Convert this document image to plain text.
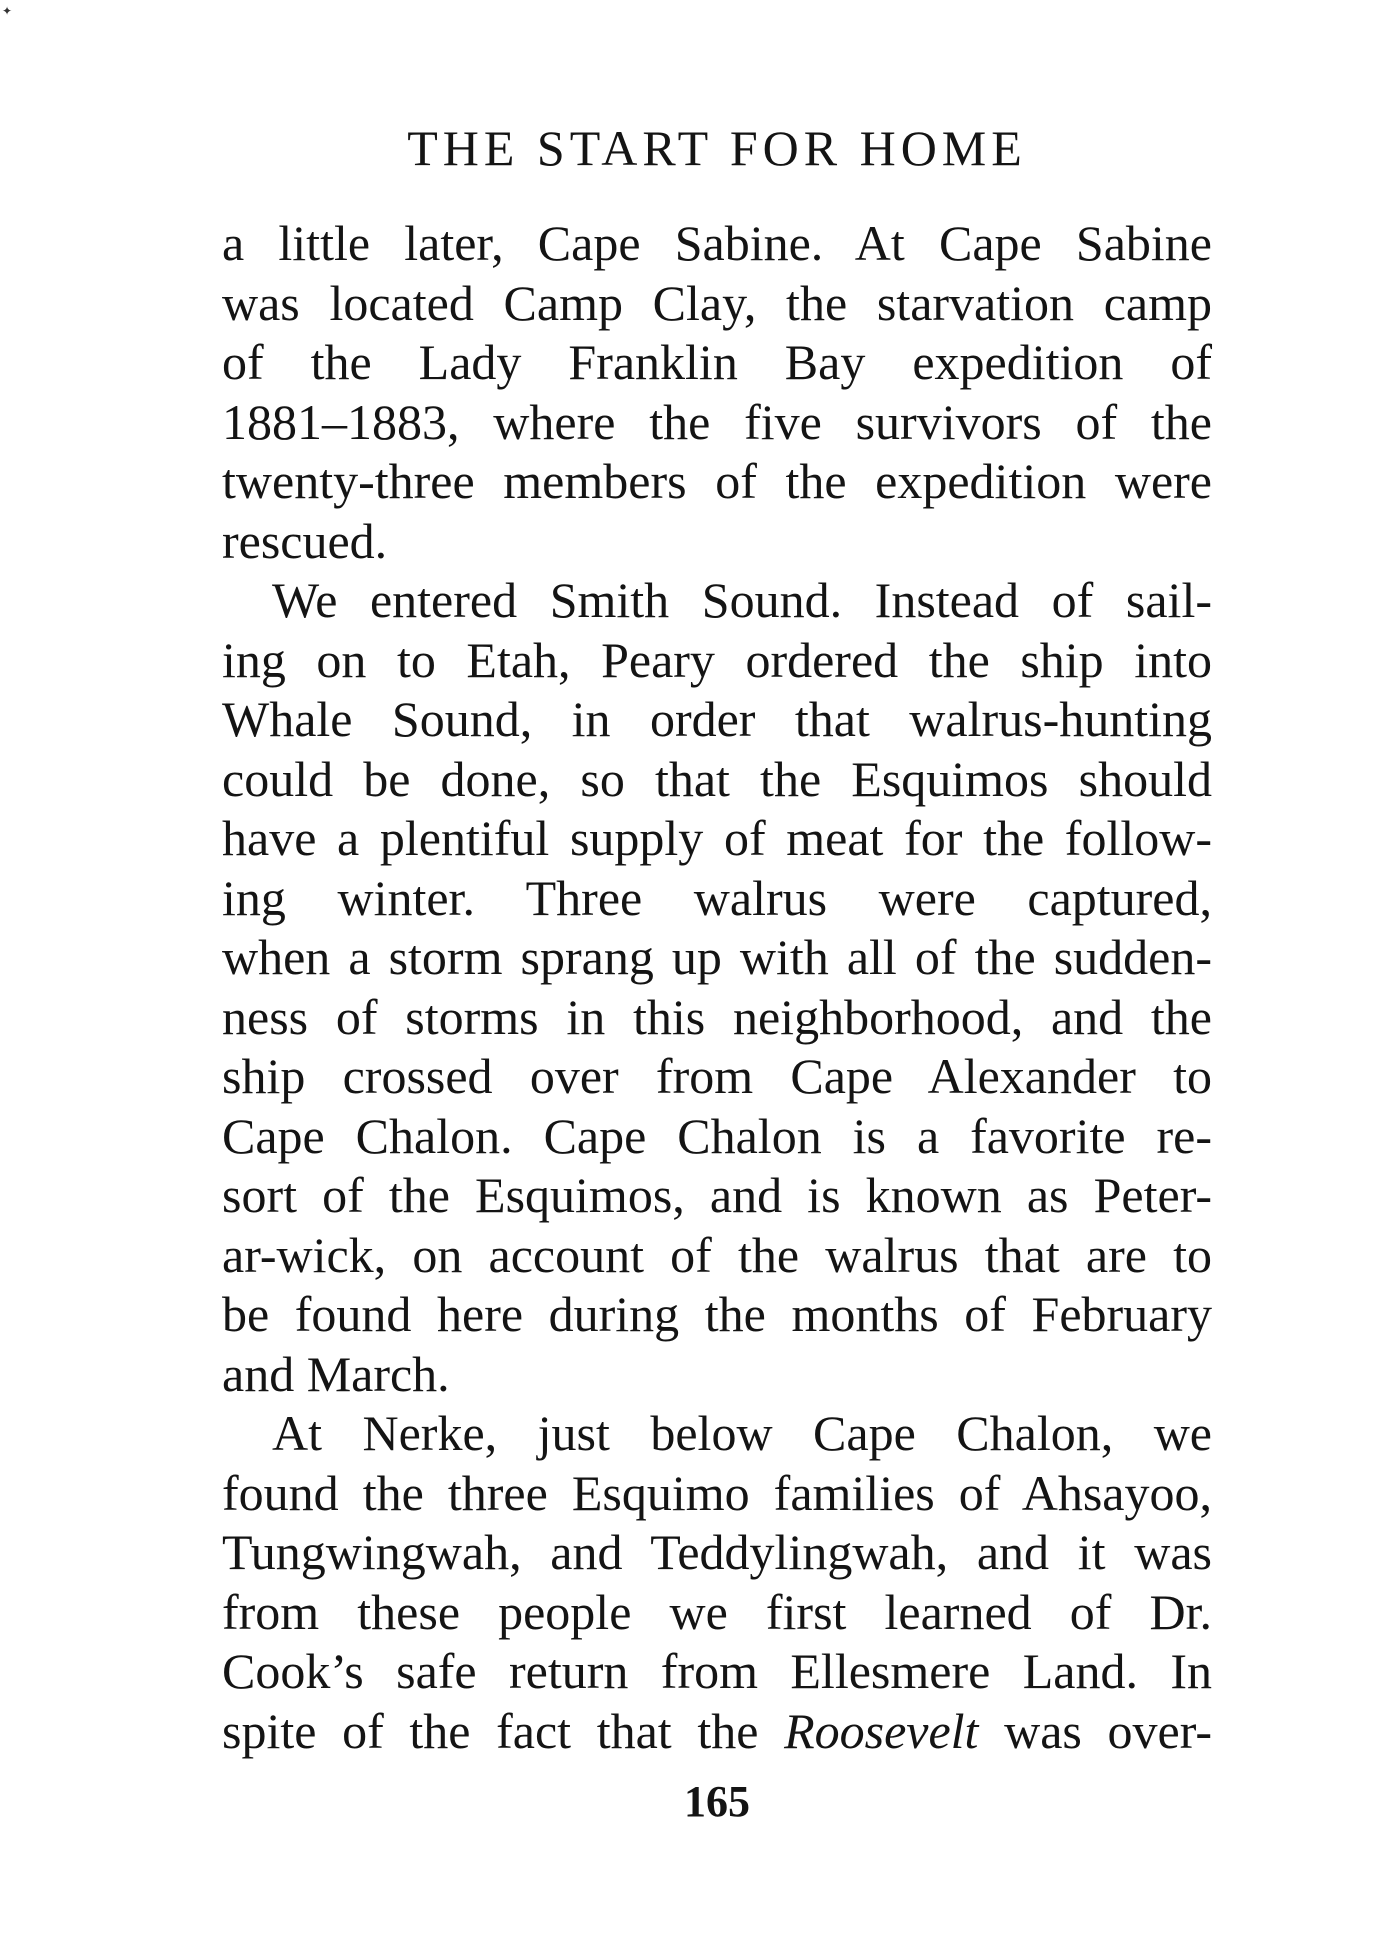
✦
THE START FOR HOME
a little later, Cape Sabine. At Cape Sabine
was located Camp Clay, the starvation camp
of the Lady Franklin Bay expedition of
1881–1883, where the five survivors of the
twenty-three members of the expedition were
rescued.
We entered Smith Sound. Instead of sail-
ing on to Etah, Peary ordered the ship into
Whale Sound, in order that walrus-hunting
could be done, so that the Esquimos should
have a plentiful supply of meat for the follow-
ing winter. Three walrus were captured,
when a storm sprang up with all of the sudden-
ness of storms in this neighborhood, and the
ship crossed over from Cape Alexander to
Cape Chalon. Cape Chalon is a favorite re-
sort of the Esquimos, and is known as Peter-
ar-wick, on account of the walrus that are to
be found here during the months of February
and March.
At Nerke, just below Cape Chalon, we
found the three Esquimo families of Ahsayoo,
Tungwingwah, and Teddylingwah, and it was
from these people we first learned of Dr.
Cook’s safe return from Ellesmere Land. In
spite of the fact that the Roosevelt was over-
165
